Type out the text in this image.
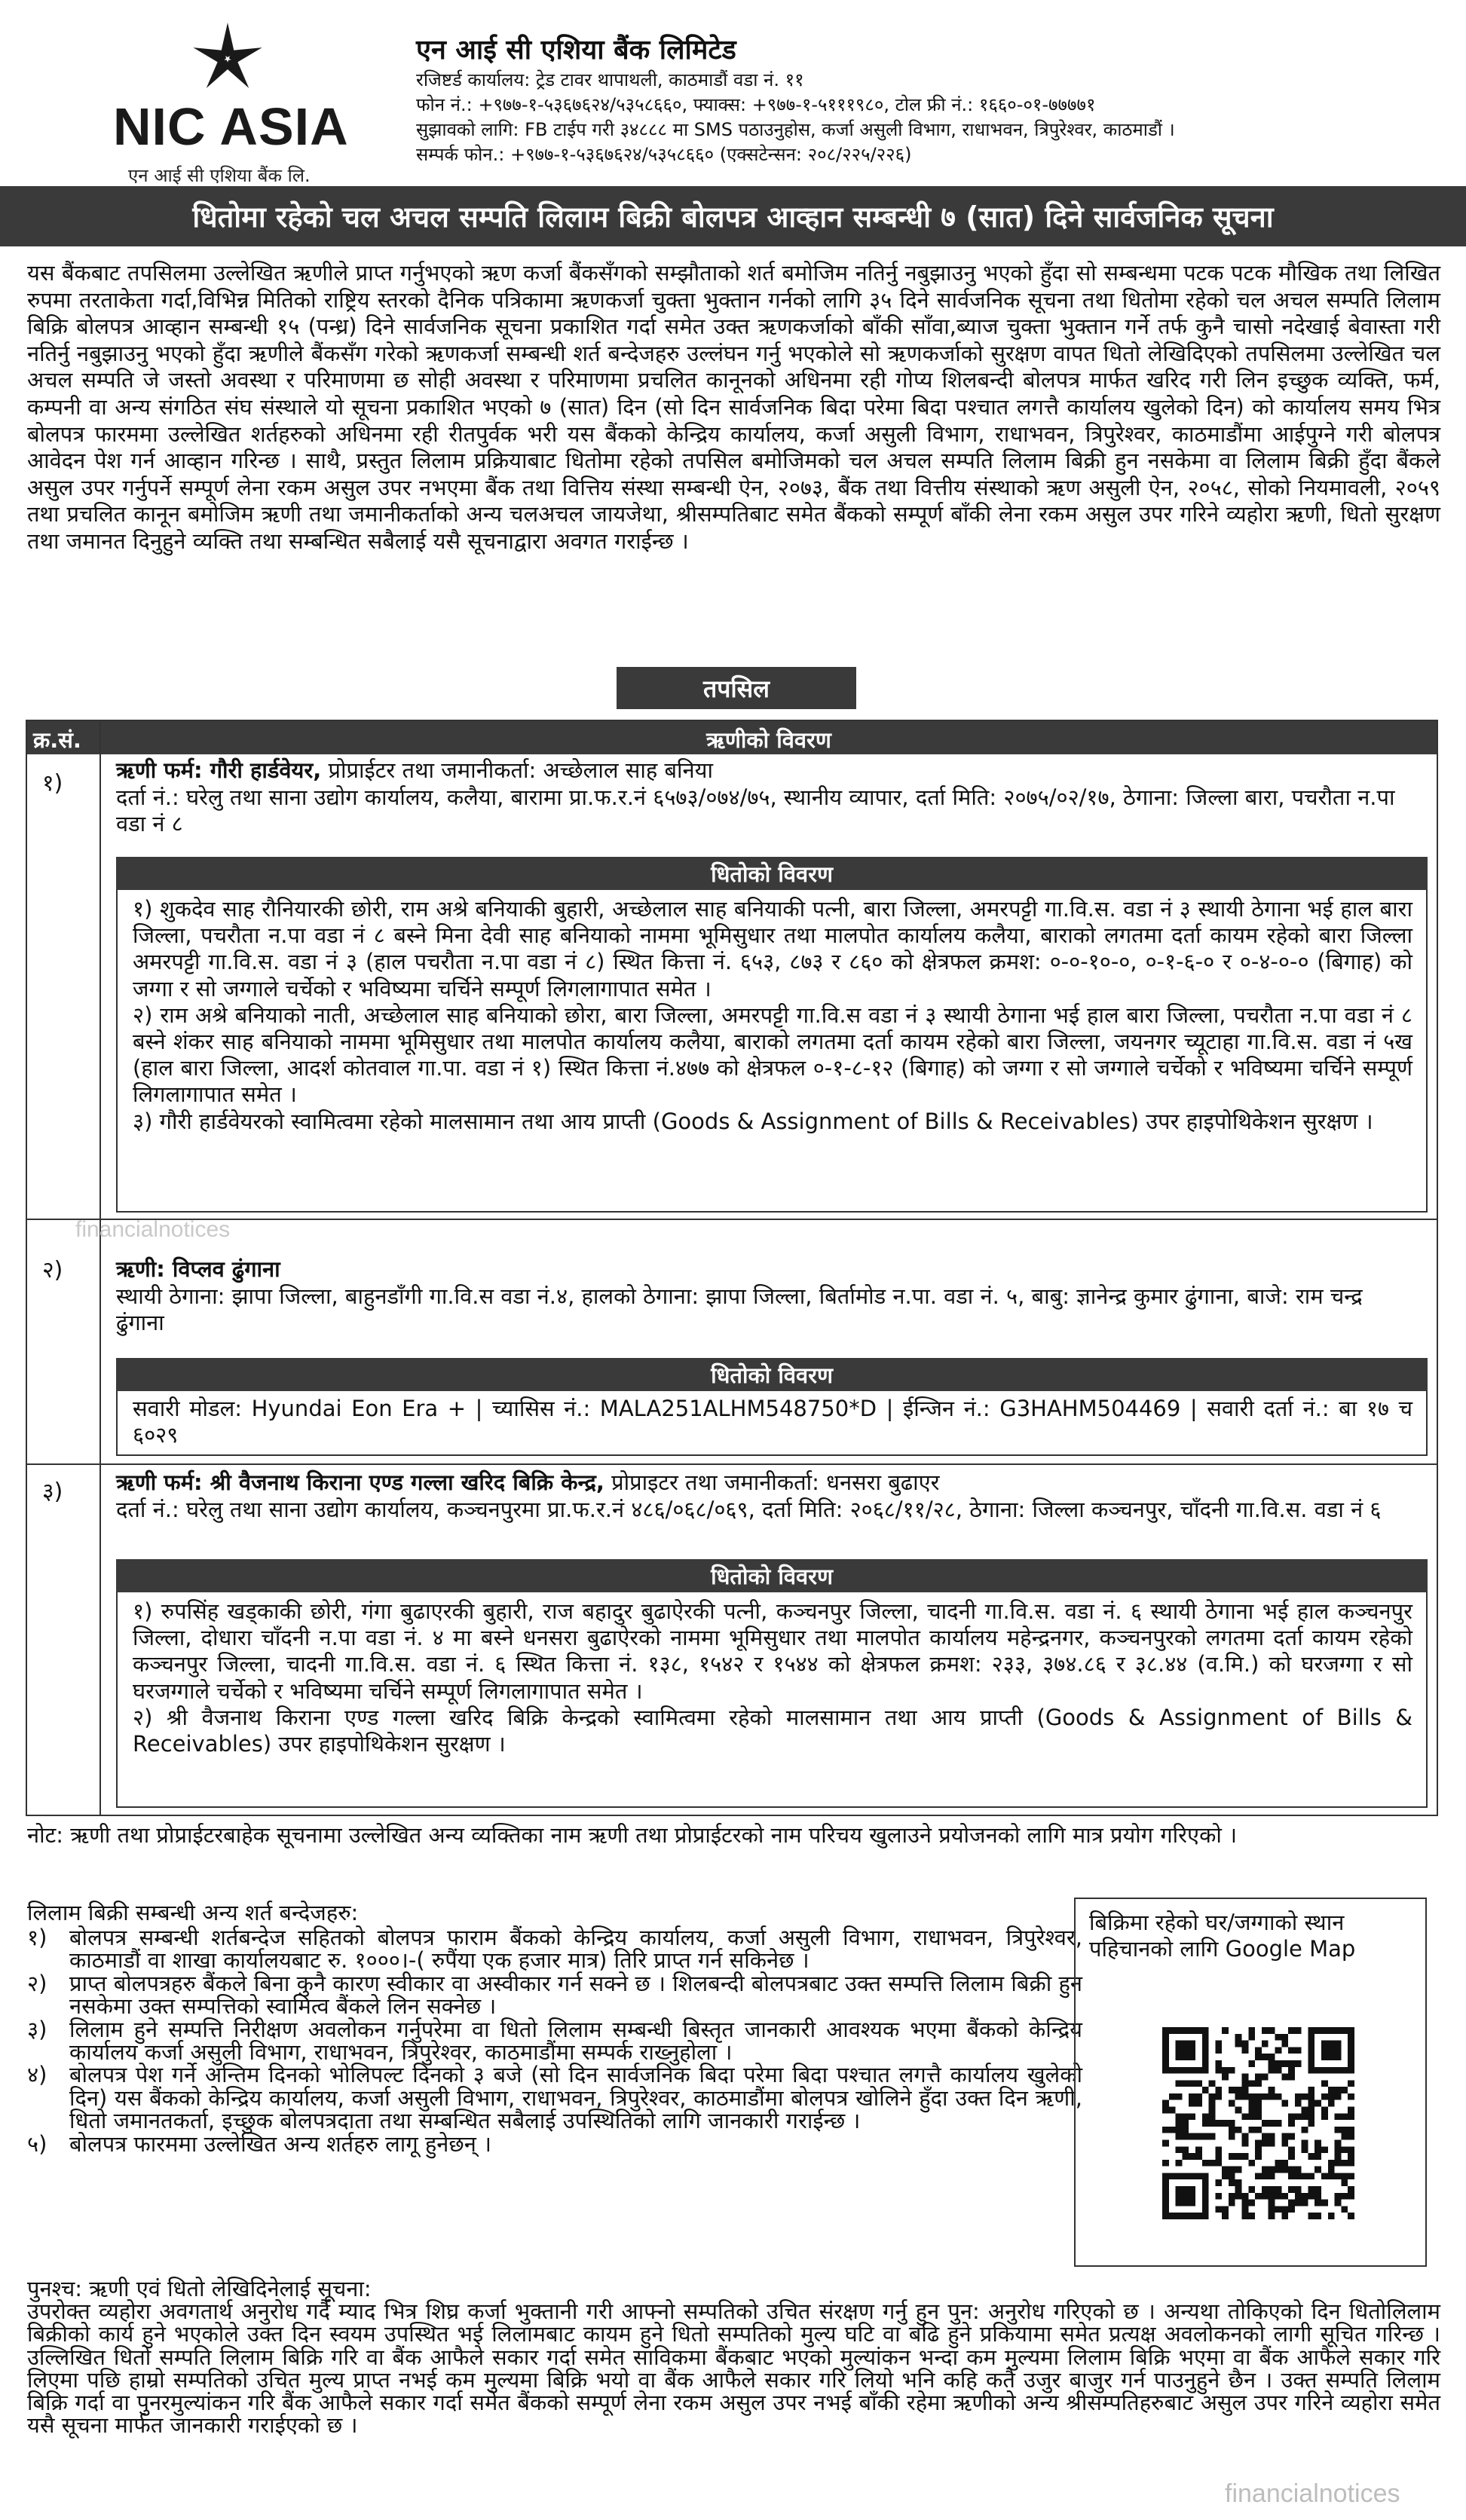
NIC ASIA
एन आई सी एशिया बैंक लि.
एन आई सी एशिया बैंक लिमिटेड
रजिष्टर्ड कार्यालय: ट्रेड टावर थापाथली, काठमाडौं वडा नं. ११
फोन नं.: +९७७-१-५३६७६२४/५३५८६६०, फ्याक्स: +९७७-१-५१११९८०, टोल फ्री नं.: १६६०-०१-७७७७१
सुझावको लागि: FB टाईप गरी ३४८८८ मा SMS पठाउनुहोस, कर्जा असुली विभाग, राधाभवन, त्रिपुरेश्वर, काठमाडौं ।
सम्पर्क फोन.: +९७७-१-५३६७६२४/५३५८६६० (एक्सटेन्सन: २०८/२२५/२२६)
धितोमा रहेको चल अचल सम्पति लिलाम बिक्री बोलपत्र आव्हान सम्बन्धी ७ (सात) दिने सार्वजनिक सूचना
यस बैंकबाट तपसिलमा उल्लेखित ऋणीले प्राप्त गर्नुभएको ऋण कर्जा बैंकसँगको सम्झौताको शर्त बमोजिम नतिर्नु नबुझाउनु भएको हुँदा सो सम्बन्धमा पटक पटक मौखिक तथा लिखित रुपमा तरताकेता गर्दा,विभिन्न मितिको राष्ट्रिय स्तरको दैनिक पत्रिकामा ऋणकर्जा चुक्ता भुक्तान गर्नको लागि ३५ दिने सार्वजनिक सूचना तथा धितोमा रहेको चल अचल सम्पति लिलाम बिक्रि बोलपत्र आव्हान सम्बन्धी १५ (पन्ध्र) दिने सार्वजनिक सूचना प्रकाशित गर्दा समेत उक्त ऋणकर्जाको बाँकी साँवा,ब्याज चुक्ता भुक्तान गर्ने तर्फ कुनै चासो नदेखाई बेवास्ता गरी नतिर्नु नबुझाउनु भएको हुँदा ऋणीले बैंकसँग गरेको ऋणकर्जा सम्बन्धी शर्त बन्देजहरु उल्लंघन गर्नु भएकोले सो ऋणकर्जाको सुरक्षण वापत धितो लेखिदिएको तपसिलमा उल्लेखित चल अचल सम्पति जे जस्तो अवस्था र परिमाणमा छ सोही अवस्था र परिमाणमा प्रचलित कानूनको अधिनमा रही गोप्य शिलबन्दी बोलपत्र मार्फत खरिद गरी लिन इच्छुक व्यक्ति, फर्म, कम्पनी वा अन्य संगठित संघ संस्थाले यो सूचना प्रकाशित भएको ७ (सात) दिन (सो दिन सार्वजनिक बिदा परेमा बिदा पश्चात लगत्तै कार्यालय खुलेको दिन) को कार्यालय समय भित्र बोलपत्र फारममा उल्लेखित शर्तहरुको अधिनमा रही रीतपुर्वक भरी यस बैंकको केन्द्रिय कार्यालय, कर्जा असुली विभाग, राधाभवन, त्रिपुरेश्वर, काठमाडौंमा आईपुग्ने गरी बोलपत्र आवेदन पेश गर्न आव्हान गरिन्छ । साथै, प्रस्तुत लिलाम प्रक्रियाबाट धितोमा रहेको तपसिल बमोजिमको चल अचल सम्पति लिलाम बिक्री हुन नसकेमा वा लिलाम बिक्री हुँदा बैंकले असुल उपर गर्नुपर्ने सम्पूर्ण लेना रकम असुल उपर नभएमा बैंक तथा वित्तिय संस्था सम्बन्धी ऐन, २०७३, बैंक तथा वित्तीय संस्थाको ऋण असुली ऐन, २०५८, सोको नियमावली, २०५९ तथा प्रचलित कानून बमोजिम ऋणी तथा जमानीकर्ताको अन्य चलअचल जायजेथा, श्रीसम्पतिबाट समेत बैंकको सम्पूर्ण बाँकी लेना रकम असुल उपर गरिने व्यहोरा ऋणी, धितो सुरक्षण तथा जमानत दिनुहुने व्यक्ति तथा सम्बन्धित सबैलाई यसै सूचनाद्वारा अवगत गराईन्छ ।
तपसिल
क्र.सं.	ऋणीको विवरण
१) ऋणी फर्म: गौरी हार्डवेयर, प्रोप्राईटर तथा जमानीकर्ता: अच्छेलाल साह बनिया
दर्ता नं.: घरेलु तथा साना उद्योग कार्यालय, कलैया, बारामा प्रा.फ.र.नं ६५७३/०७४/७५, स्थानीय व्यापार, दर्ता मिति: २०७५/०२/१७, ठेगाना: जिल्ला बारा, पचरौता न.पा वडा नं ८
धितोको विवरण
१) शुकदेव साह रौनियारकी छोरी, राम अश्रे बनियाकी बुहारी, अच्छेलाल साह बनियाकी पत्नी, बारा जिल्ला, अमरपट्टी गा.वि.स. वडा नं ३ स्थायी ठेगाना भई हाल बारा जिल्ला, पचरौता न.पा वडा नं ८ बस्ने मिना देवी साह बनियाको नाममा भूमिसुधार तथा मालपोत कार्यालय कलैया, बाराको लगतमा दर्ता कायम रहेको बारा जिल्ला अमरपट्टी गा.वि.स. वडा नं ३ (हाल पचरौता न.पा वडा नं ८) स्थित कित्ता नं. ६५३, ८७३ र ८६० को क्षेत्रफल क्रमश: ०-०-१०-०, ०-१-६-० र ०-४-०-० (बिगाह) को जग्गा र सो जग्गाले चर्चेको र भविष्यमा चर्चिने सम्पूर्ण लिगलागापात समेत ।
२) राम अश्रे बनियाको नाती, अच्छेलाल साह बनियाको छोरा, बारा जिल्ला, अमरपट्टी गा.वि.स वडा नं ३ स्थायी ठेगाना भई हाल बारा जिल्ला, पचरौता न.पा वडा नं ८ बस्ने शंकर साह बनियाको नाममा भूमिसुधार तथा मालपोत कार्यालय कलैया, बाराको लगतमा दर्ता कायम रहेको बारा जिल्ला, जयनगर च्यूटाहा गा.वि.स. वडा नं ५ख (हाल बारा जिल्ला, आदर्श कोतवाल गा.पा. वडा नं १) स्थित कित्ता नं.४७७ को क्षेत्रफल ०-१-८-१२ (बिगाह) को जग्गा र सो जग्गाले चर्चेको र भविष्यमा चर्चिने सम्पूर्ण लिगलागापात समेत ।
३) गौरी हार्डवेयरको स्वामित्वमा रहेको मालसामान तथा आय प्राप्ती (Goods & Assignment of Bills & Receivables) उपर हाइपोथिकेशन सुरक्षण ।
२) ऋणी: विप्लव ढुंगाना
स्थायी ठेगाना: झापा जिल्ला, बाहुनडाँगी गा.वि.स वडा नं.४, हालको ठेगाना: झापा जिल्ला, बिर्तामोड न.पा. वडा नं. ५, बाबु: ज्ञानेन्द्र कुमार ढुंगाना, बाजे: राम चन्द्र ढुंगाना
धितोको विवरण
सवारी मोडल: Hyundai Eon Era + | च्यासिस नं.: MALA251ALHM548750*D | ईन्जिन नं.: G3HAHM504469 | सवारी दर्ता नं.: बा १७ च ६०२९
३) ऋणी फर्म: श्री वैजनाथ किराना एण्ड गल्ला खरिद बिक्रि केन्द्र, प्रोप्राइटर तथा जमानीकर्ता: धनसरा बुढाएर
दर्ता नं.: घरेलु तथा साना उद्योग कार्यालय, कञ्चनपुरमा प्रा.फ.र.नं ४८६/०६८/०६९, दर्ता मिति: २०६८/११/२८, ठेगाना: जिल्ला कञ्चनपुर, चाँदनी गा.वि.स. वडा नं ६
धितोको विवरण
१) रुपसिंह खड्काकी छोरी, गंगा बुढाएरकी बुहारी, राज बहादुर बुढाऐरकी पत्नी, कञ्चनपुर जिल्ला, चादनी गा.वि.स. वडा नं. ६ स्थायी ठेगाना भई हाल कञ्चनपुर जिल्ला, दोधारा चाँदनी न.पा वडा नं. ४ मा बस्ने धनसरा बुढाऐरको नाममा भूमिसुधार तथा मालपोत कार्यालय महेन्द्रनगर, कञ्चनपुरको लगतमा दर्ता कायम रहेको कञ्चनपुर जिल्ला, चादनी गा.वि.स. वडा नं. ६ स्थित कित्ता नं. १३८, १५४२ र १५४४ को क्षेत्रफल क्रमश: २३३, ३७४.८६ र ३८.४४ (व.मि.) को घरजग्गा र सो घरजग्गाले चर्चेको र भविष्यमा चर्चिने सम्पूर्ण लिगलागापात समेत ।
२) श्री वैजनाथ किराना एण्ड गल्ला खरिद बिक्रि केन्द्रको स्वामित्वमा रहेको मालसामान तथा आय प्राप्ती (Goods & Assignment of Bills & Receivables) उपर हाइपोथिकेशन सुरक्षण ।
नोट: ऋणी तथा प्रोप्राईटरबाहेक सूचनामा उल्लेखित अन्य व्यक्तिका नाम ऋणी तथा प्रोप्राईटरको नाम परिचय खुलाउने प्रयोजनको लागि मात्र प्रयोग गरिएको ।
लिलाम बिक्री सम्बन्धी अन्य शर्त बन्देजहरु:
१)	बोलपत्र सम्बन्धी शर्तबन्देज सहितको बोलपत्र फाराम बैंकको केन्द्रिय कार्यालय, कर्जा असुली विभाग, राधाभवन, त्रिपुरेश्वर, काठमाडौं वा शाखा कार्यालयबाट रु. १०००।-( रुपैंया एक हजार मात्र) तिरि प्राप्त गर्न सकिनेछ ।
२)	प्राप्त बोलपत्रहरु बैंकले बिना कुनै कारण स्वीकार वा अस्वीकार गर्न सक्ने छ । शिलबन्दी बोलपत्रबाट उक्त सम्पत्ति लिलाम बिक्री हुन नसकेमा उक्त सम्पत्तिको स्वामित्व बैंकले लिन सक्नेछ ।
३)	लिलाम हुने सम्पत्ति निरीक्षण अवलोकन गर्नुपरेमा वा धितो लिलाम सम्बन्धी बिस्तृत जानकारी आवश्यक भएमा बैंकको केन्द्रिय कार्यालय कर्जा असुली विभाग, राधाभवन, त्रिपुरेश्वर, काठमाडौंमा सम्पर्क राख्नुहोला ।
४)	बोलपत्र पेश गर्ने अन्तिम दिनको भोलिपल्ट दिनको ३ बजे (सो दिन सार्वजनिक बिदा परेमा बिदा पश्चात लगत्तै कार्यालय खुलेको दिन) यस बैंकको केन्द्रिय कार्यालय, कर्जा असुली विभाग, राधाभवन, त्रिपुरेश्वर, काठमाडौंमा बोलपत्र खोलिने हुँदा उक्त दिन ऋणी, धितो जमानतकर्ता, इच्छुक बोलपत्रदाता तथा सम्बन्धित सबैलाई उपस्थितिको लागि जानकारी गराईन्छ ।
५)	बोलपत्र फारममा उल्लेखित अन्य शर्तहरु लागू हुनेछन् ।
बिक्रिमा रहेको घर/जग्गाको स्थान पहिचानको लागि Google Map
पुनश्च: ऋणी एवं धितो लेखिदिनेलाई सूचना:
उपरोक्त व्यहोरा अवगतार्थ अनुरोध गर्दै म्याद भित्र शिघ्र कर्जा भुक्तानी गरी आफ्नो सम्पतिको उचित संरक्षण गर्नु हुन पुन: अनुरोध गरिएको छ । अन्यथा तोकिएको दिन धितोलिलाम बिक्रीको कार्य हुने भएकोले उक्त दिन स्वयम उपस्थित भई लिलामबाट कायम हुने धितो सम्पतिको मुल्य घटि वा बढि हुने प्रकियामा समेत प्रत्यक्ष अवलोकनको लागी सूचित गरिन्छ । उल्लिखित धितो सम्पति लिलाम बिक्रि गरि वा बैंक आफैले सकार गर्दा समेत साविकमा बैंकबाट भएको मुल्यांकन भन्दा कम मुल्यमा लिलाम बिक्रि भएमा वा बैंक आफैले सकार गरि लिएमा पछि हाम्रो सम्पतिको उचित मुल्य प्राप्त नभई कम मुल्यमा बिक्रि भयो वा बैंक आफैले सकार गरि लियो भनि कहि कतै उजुर बाजुर गर्न पाउनुहुने छैन । उक्त सम्पति लिलाम बिक्रि गर्दा वा पुनरमुल्यांकन गरि बैंक आफैले सकार गर्दा समेत बैंकको सम्पूर्ण लेना रकम असुल उपर नभई बाँकी रहेमा ऋणीको अन्य श्रीसम्पतिहरुबाट असुल उपर गरिने व्यहोरा समेत यसै सूचना मार्फत जानकारी गराईएको छ ।
financialnotices
financialnotices
